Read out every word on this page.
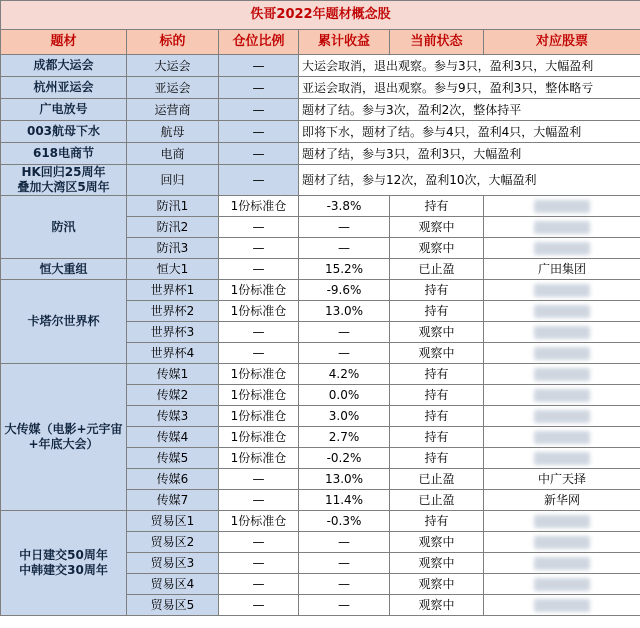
佚哥2022年题材概念股					
题材	标的	仓位比例	累计收益	当前状态	对应股票
成都大运会	大运会	—	大运会取消，退出观察。参与3只，盈利3只，大幅盈利		
杭州亚运会	亚运会	—	亚运会取消，退出观察。参与9只，盈利3只，整体略亏		
广电放号	运营商	—	题材了结。参与3次，盈利2次，整体持平		
003航母下水	航母	—	即将下水，题材了结。参与4只，盈利4只，大幅盈利		
618电商节	电商	—	题材了结，参与3只，盈利3只，大幅盈利		
HK回归25周年
叠加大湾区5周年	回归	—	题材了结，参与12次，盈利10次，大幅盈利		
防汛	防汛1	1份标准仓	-3.8%	持有	
	防汛2	—	—	观察中	
	防汛3	—	—	观察中	
恒大重组	恒大1	—	15.2%	已止盈	广田集团
卡塔尔世界杯	世界杯1	1份标准仓	-9.6%	持有	
	世界杯2	1份标准仓	13.0%	持有	
	世界杯3	—	—	观察中	
	世界杯4	—	—	观察中	
大传媒（电影+元宇宙+年底大会）	传媒1	1份标准仓	4.2%	持有	
	传媒2	1份标准仓	0.0%	持有	
	传媒3	1份标准仓	3.0%	持有	
	传媒4	1份标准仓	2.7%	持有	
	传媒5	1份标准仓	-0.2%	持有	
	传媒6	—	13.0%	已止盈	中广天择
	传媒7	—	11.4%	已止盈	新华网
中日建交50周年
中韩建交30周年	贸易区1	1份标准仓	-0.3%	持有	
	贸易区2	—	—	观察中	
	贸易区3	—	—	观察中	
	贸易区4	—	—	观察中	
	贸易区5	—	—	观察中	
